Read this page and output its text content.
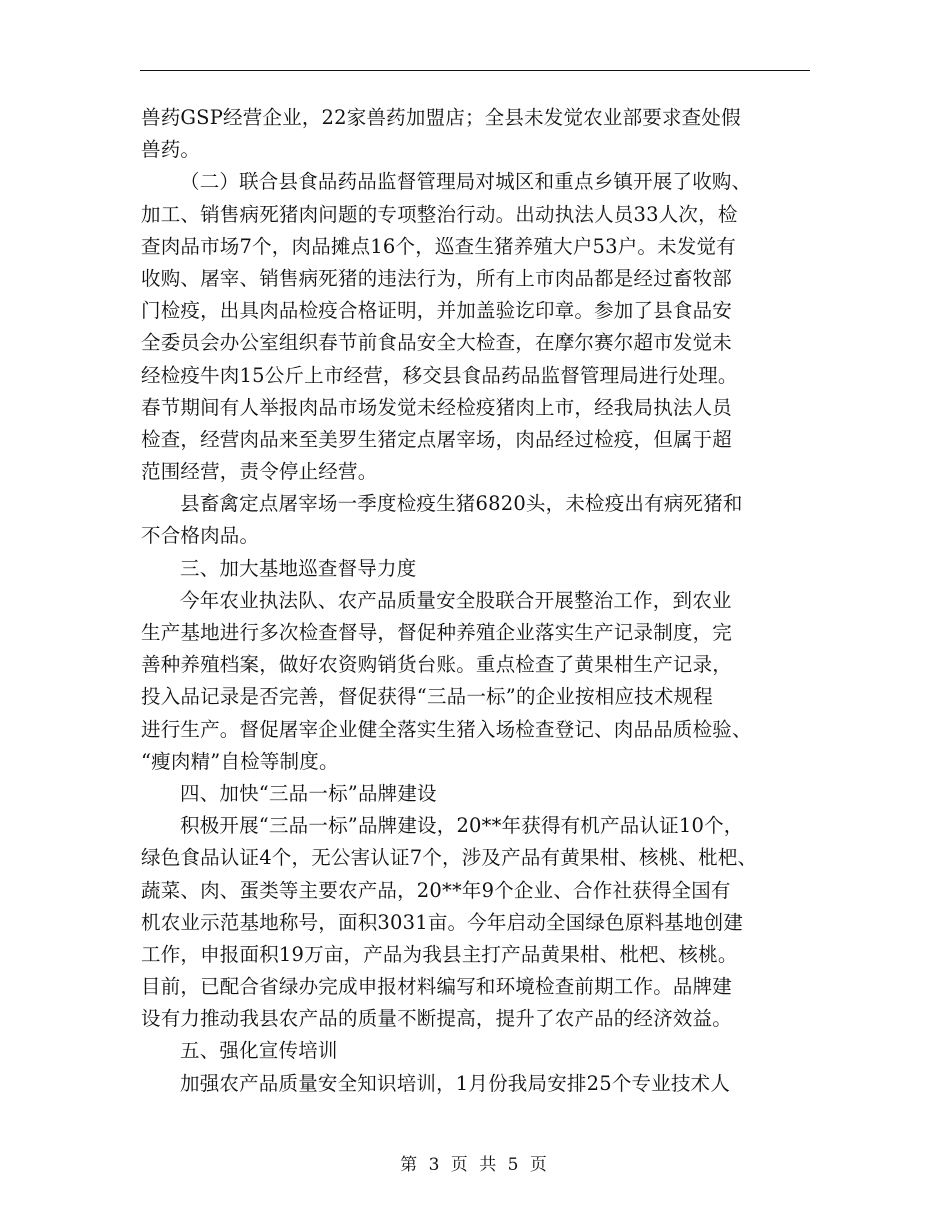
兽药GSP经营企业，22家兽药加盟店；全县未发觉农业部要求查处假
兽药。
（二）联合县食品药品监督管理局对城区和重点乡镇开展了收购、
加工、销售病死猪肉问题的专项整治行动。出动执法人员33人次，检
查肉品市场7个，肉品摊点16个，巡查生猪养殖大户53户。未发觉有
收购、屠宰、销售病死猪的违法行为，所有上市肉品都是经过畜牧部
门检疫，出具肉品检疫合格证明，并加盖验讫印章。参加了县食品安
全委员会办公室组织春节前食品安全大检查，在摩尔赛尔超市发觉未
经检疫牛肉15公斤上市经营，移交县食品药品监督管理局进行处理。
春节期间有人举报肉品市场发觉未经检疫猪肉上市，经我局执法人员
检查，经营肉品来至美罗生猪定点屠宰场，肉品经过检疫，但属于超
范围经营，责令停止经营。
县畜禽定点屠宰场一季度检疫生猪6820头，未检疫出有病死猪和
不合格肉品。
三、加大基地巡查督导力度
今年农业执法队、农产品质量安全股联合开展整治工作，到农业
生产基地进行多次检查督导，督促种养殖企业落实生产记录制度，完
善种养殖档案，做好农资购销货台账。重点检查了黄果柑生产记录，
投入品记录是否完善，督促获得“三品一标”的企业按相应技术规程
进行生产。督促屠宰企业健全落实生猪入场检查登记、肉品品质检验、
“瘦肉精”自检等制度。
四、加快“三品一标”品牌建设
积极开展“三品一标”品牌建设，20**年获得有机产品认证10个，
绿色食品认证4个，无公害认证7个，涉及产品有黄果柑、核桃、枇杷、
蔬菜、肉、蛋类等主要农产品，20**年9个企业、合作社获得全国有
机农业示范基地称号，面积3031亩。今年启动全国绿色原料基地创建
工作，申报面积19万亩，产品为我县主打产品黄果柑、枇杷、核桃。
目前，已配合省绿办完成申报材料编写和环境检查前期工作。品牌建
设有力推动我县农产品的质量不断提高，提升了农产品的经济效益。
五、强化宣传培训
加强农产品质量安全知识培训，1月份我局安排25个专业技术人
第 3 页 共 5 页
